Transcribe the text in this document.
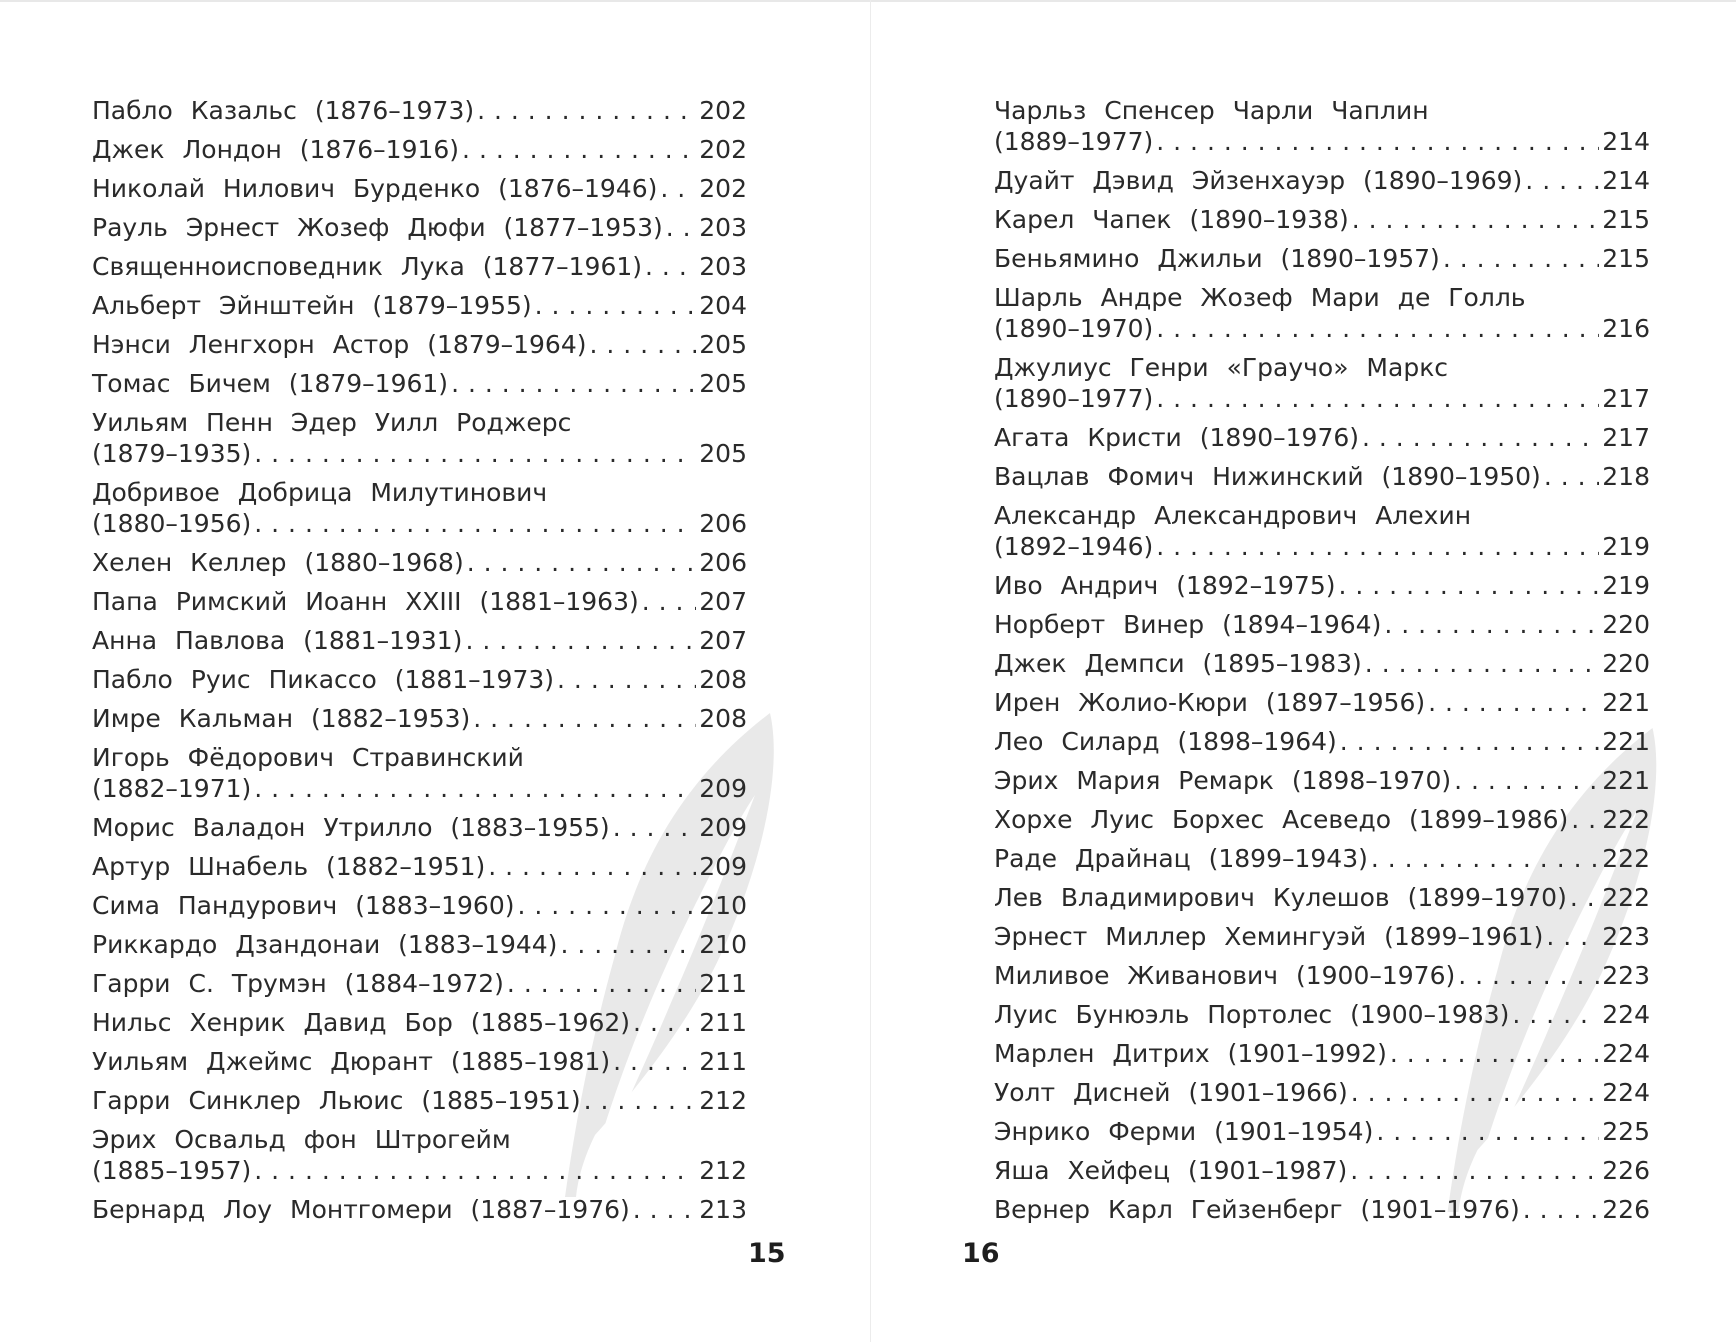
Пабло Казальс (1876–1973) . . .	202
Джек Лондон (1876–1916) . . .	202
Николай Нилович Бурденко (1876–1946) . . . 202
Рауль Эрнест Жозеф Дюфи (1877–1953) . . . 203
Священноисповедник Лука (1877–1961) . . . 203
Альберт Эйнштейн (1879–1955) . . .	204
Нэнси Ленгхорн Астор (1879–1964) . . .	205
Томас Бичем (1879–1961) . . .	205
Уильям Пенн Эдер Уилл Роджерс
(1879–1935) . . .	205
Добривое Добрица Милутинович
(1880–1956) . . .	206
Хелен Келлер (1880–1968) . . .	206
Папа Римский Иоанн XXIII (1881–1963) . . . 207
Анна Павлова (1881–1931) . . .	207
Пабло Руис Пикассо (1881–1973) . . .	208
Имре Кальман (1882–1953) . . .	208
Игорь Фёдорович Стравинский
(1882–1971) . . .	209
Морис Валадон Утрилло (1883–1955) . . .	209
Артур Шнабель (1882–1951) . . .	209
Сима Пандурович (1883–1960) . . .	210
Риккардо Дзандонаи (1883–1944) . . .	210
Гарри С. Трумэн (1884–1972) . . .	211
Нильс Хенрик Давид Бор (1885–1962) . . .	211
Уильям Джеймс Дюрант (1885–1981) . . .	211
Гарри Синклер Льюис (1885–1951) . . .	212
Эрих Освальд фон Штрогейм
(1885–1957) . . .	212
Бернард Лоу Монтгомери (1887–1976) . . .	213
15
Чарльз Спенсер Чарли Чаплин
(1889–1977) . . .	214
Дуайт Дэвид Эйзенхауэр (1890–1969) . . .	214
Карел Чапек (1890–1938) . . .	215
Беньямино Джильи (1890–1957) . . .	215
Шарль Андре Жозеф Мари де Голль
(1890–1970) . . .	216
Джулиус Генри «Граучо» Маркс
(1890–1977) . . .	217
Агата Кристи (1890–1976) . . .	217
Вацлав Фомич Нижинский (1890–1950) . . . 218
Александр Александрович Алехин
(1892–1946) . . .	219
Иво Андрич (1892–1975) . . .	219
Норберт Винер (1894–1964) . . .	220
Джек Демпси (1895–1983) . . .	220
Ирен Жолио-Кюри (1897–1956) . . .	221
Лео Силард (1898–1964) . . .	221
Эрих Мария Ремарк (1898–1970) . . .	221
Хорхе Луис Борхес Асеведо (1899–1986) . . . 222
Раде Драйнац (1899–1943) . . .	222
Лев Владимирович Кулешов (1899–1970) . . . 222
Эрнест Миллер Хемингуэй (1899–1961) . . . 223
Миливое Живанович (1900–1976) . . .	223
Луис Бунюэль Портолес (1900–1983) . . .	224
Марлен Дитрих (1901–1992) . . .	224
Уолт Дисней (1901–1966) . . .	224
Энрико Ферми (1901–1954) . . .	225
Яша Хейфец (1901–1987) . . .	226
Вернер Карл Гейзенберг (1901–1976) . . .	226
16
